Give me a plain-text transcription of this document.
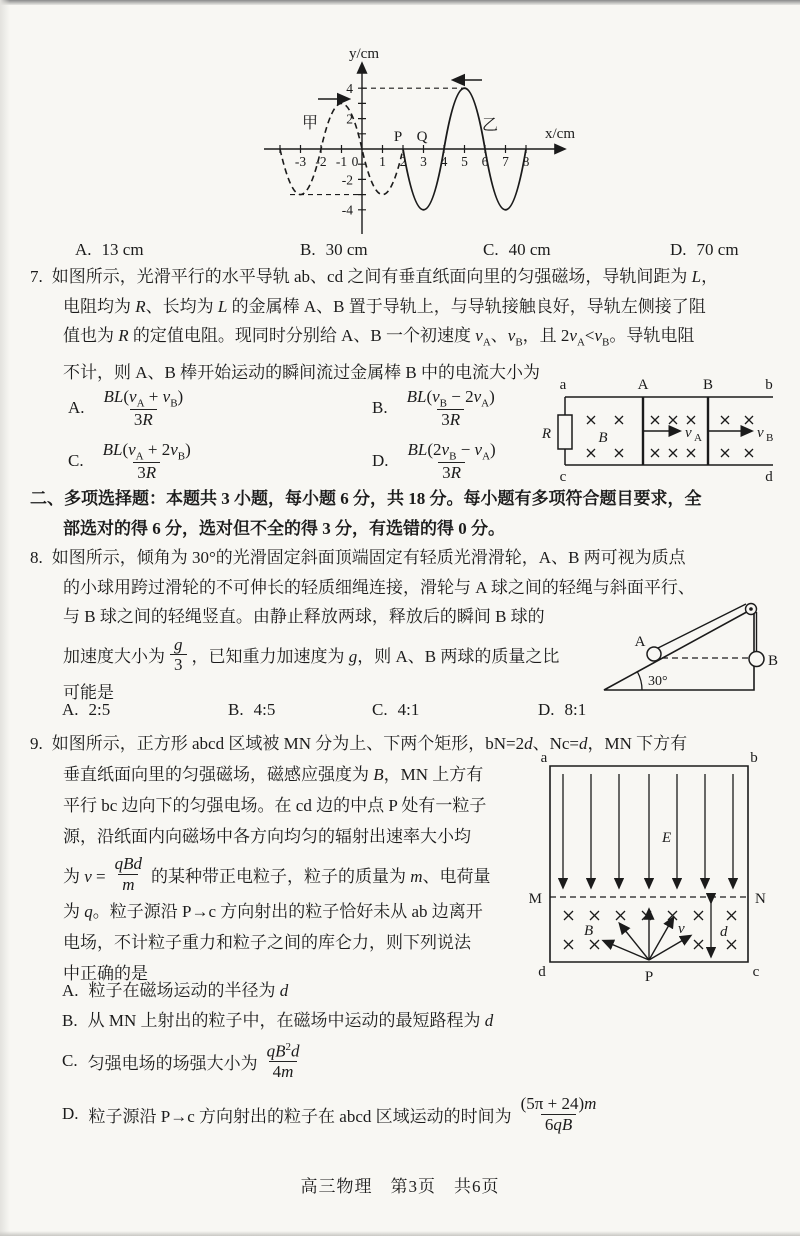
y/cm
x/cm
甲	乙
P Q
-3 -2 -1 0 1 2 3 4 5 6 7 8
4
2
-2
-4
A. 13 cm	B. 30 cm	C. 40 cm	D. 70 cm
7. 如图所示，光滑平行的水平导轨 ab、cd 之间有垂直纸面向里的匀强磁场，导轨间距为 L，
电阻均为 R、长均为 L 的金属棒 A、B 置于导轨上，与导轨接触良好，导轨左侧接了阻
值也为 R 的定值电阻。现同时分别给 A、B 一个初速度 $v_A$、$v_B$，且 $2v_A<v_B$。导轨电阻
不计，则 A、B 棒开始运动的瞬间流过金属棒 B 中的电流大小为
A. $\frac{BL(v_A + v_B)}{3R}$	B. $\frac{BL(v_B - 2v_A)}{3R}$
C. $\frac{BL(v_A + 2v_B)}{3R}$	D. $\frac{BL(2v_B - v_A)}{3R}$
a	b
c	d
R
A	B
B	v A	v B
二、多项选择题：本题共 3 小题，每小题 6 分，共 18 分。每小题有多项符合题目要求，全
部选对的得 6 分，选对但不全的得 3 分，有选错的得 0 分。
8. 如图所示，倾角为 30°的光滑固定斜面顶端固定有轻质光滑滑轮，A、B 两可视为质点
的小球用跨过滑轮的不可伸长的轻质细绳连接，滑轮与 A 球之间的轻绳与斜面平行、
与 B 球之间的轻绳竖直。由静止释放两球，释放后的瞬间 B 球的
加速度大小为 $\frac{g}{3}$ ，已知重力加速度为 g，则 A、B 两球的质量之比
可能是
A. 2:5	B. 4:5	C. 4:1	D. 8:1
A
B
30°
9. 如图所示，正方形 abcd 区域被 MN 分为上、下两个矩形，bN=2d、Nc=d，MN 下方有
垂直纸面向里的匀强磁场，磁感应强度为 B，MN 上方有
平行 bc 边向下的匀强电场。在 cd 边的中点 P 处有一粒子
源，沿纸面内向磁场中各方向均匀的辐射出速率大小均
为 $v = \frac{\text{qBd}}{m}$ 的某种带正电粒子，粒子的质量为 m、电荷量
为 q。粒子源沿 P→c 方向射出的粒子恰好未从 ab 边离开
电场，不计粒子重力和粒子之间的库仑力，则下列说法
中正确的是
A. 粒子在磁场运动的半径为 d
B. 从 MN 上射出的粒子中，在磁场中运动的最短路程为 d
C. 匀强电场的场强大小为 $\frac{qB^2d}{4m}$
D. 粒子源沿 P→c 方向射出的粒子在 abcd 区域运动的时间为 $\frac{(5\pi + 24)m}{6qB}$
a	b
d	c
M	N
P
E
B	v d
高三物理　第3页　共6页
